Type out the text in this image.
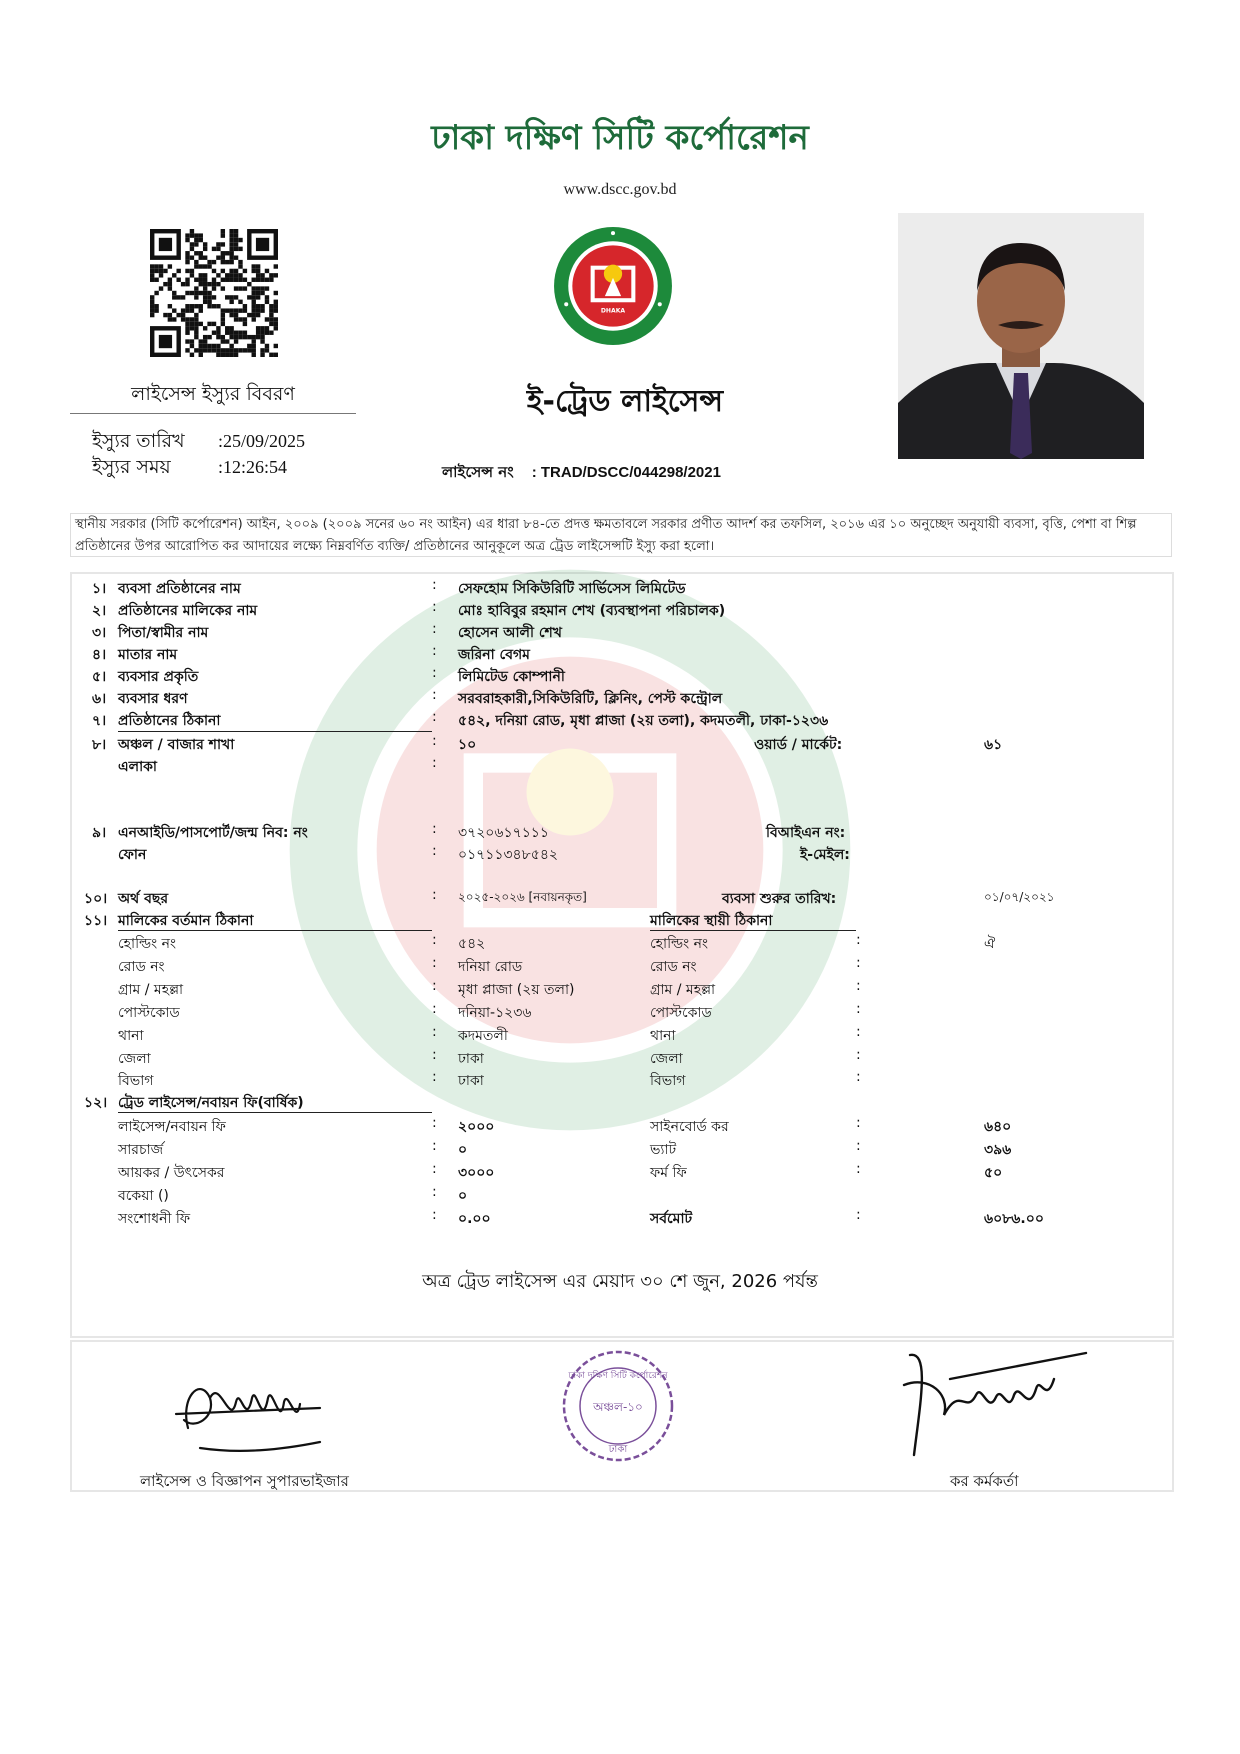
ঢাকা দক্ষিণ সিটি কর্পোরেশন
www.dscc.gov.bd
DHAKA
লাইসেন্স ইস্যুর বিবরণ
ইস্যুর তারিখ :25/09/2025
ইস্যুর সময়	:12:26:54
ই-ট্রেড লাইসেন্স
লাইসেন্স নং : TRAD/DSCC/044298/2021
স্থানীয় সরকার (সিটি কর্পোরেশন) আইন, ২০০৯ (২০০৯ সনের ৬০ নং আইন) এর ধারা ৮৪-তে প্রদত্ত ক্ষমতাবলে সরকার প্রণীত আদর্শ কর তফসিল, ২০১৬ এর ১০ অনুচ্ছেদ অনুযায়ী ব্যবসা, বৃত্তি, পেশা বা শিল্প প্রতিষ্ঠানের উপর আরোপিত কর আদায়ের লক্ষ্যে নিম্নবর্ণিত ব্যক্তি/ প্রতিষ্ঠানের আনুকূলে অত্র ট্রেড লাইসেন্সটি ইস্যু করা হলো।
১। ব্যবসা প্রতিষ্ঠানের নাম	: সেফহোম সিকিউরিটি সার্ভিসেস লিমিটেড
২। প্রতিষ্ঠানের মালিকের নাম	: মোঃ হাবিবুর রহমান শেখ (ব্যবস্থাপনা পরিচালক)
৩। পিতা/স্বামীর নাম	: হোসেন আলী শেখ
৪। মাতার নাম	: জরিনা বেগম
৫। ব্যবসার প্রকৃতি	: লিমিটেড কোম্পানী
৬। ব্যবসার ধরণ	: সরবরাহকারী,সিকিউরিটি, ক্লিনিং, পেস্ট কন্ট্রোল
৭। প্রতিষ্ঠানের ঠিকানা	: ৫৪২, দনিয়া রোড, মৃধা প্লাজা (২য় তলা), কদমতলী, ঢাকা-১২৩৬
৮। অঞ্চল / বাজার শাখা	: ১০	ওয়ার্ড / মার্কেট:	৬১
এলাকা	:
৯। এনআইডি/পাসপোর্ট/জন্ম নিব: নং	: ৩৭২০৬১৭১১১	বিআইএন নং:
ফোন	: ০১৭১১৩৪৮৫৪২	ই-মেইল:
১০। অর্থ বছর	: ২০২৫-২০২৬ [নবায়নকৃত]	ব্যবসা শুরুর তারিখ:	০১/০৭/২০২১
১১। মালিকের বর্তমান ঠিকানা	মালিকের স্থায়ী ঠিকানা
হোল্ডিং নং	: ৫৪২	হোল্ডিং নং	:	ঐ
রোড নং	: দনিয়া রোড	রোড নং	:
গ্রাম / মহল্লা	: মৃধা প্লাজা (২য় তলা)	গ্রাম / মহল্লা	:
পোস্টকোড	: দনিয়া-১২৩৬	পোস্টকোড	:
থানা	: কদমতলী	থানা	:
জেলা	: ঢাকা	জেলা	:
বিভাগ	: ঢাকা	বিভাগ	:
১২। ট্রেড লাইসেন্স/নবায়ন ফি(বার্ষিক)
লাইসেন্স/নবায়ন ফি	: ২০০০	সাইনবোর্ড কর	:	৬৪০
সারচার্জ	: ০	ভ্যাট	:	৩৯৬
আয়কর / উৎসেকর	: ৩০০০	ফর্ম ফি	:	৫০
বকেয়া ()	: ০
সংশোধনী ফি	: ০.০০	সর্বমোট	:	৬০৮৬.০০
অত্র ট্রেড লাইসেন্স এর মেয়াদ ৩০ শে জুন, 2026 পর্যন্ত
ঢাকা দক্ষিণ সিটি কর্পোরেশন
অঞ্চল-১০
ঢাকা
লাইসেন্স ও বিজ্ঞাপন সুপারভাইজার	কর কর্মকর্তা
